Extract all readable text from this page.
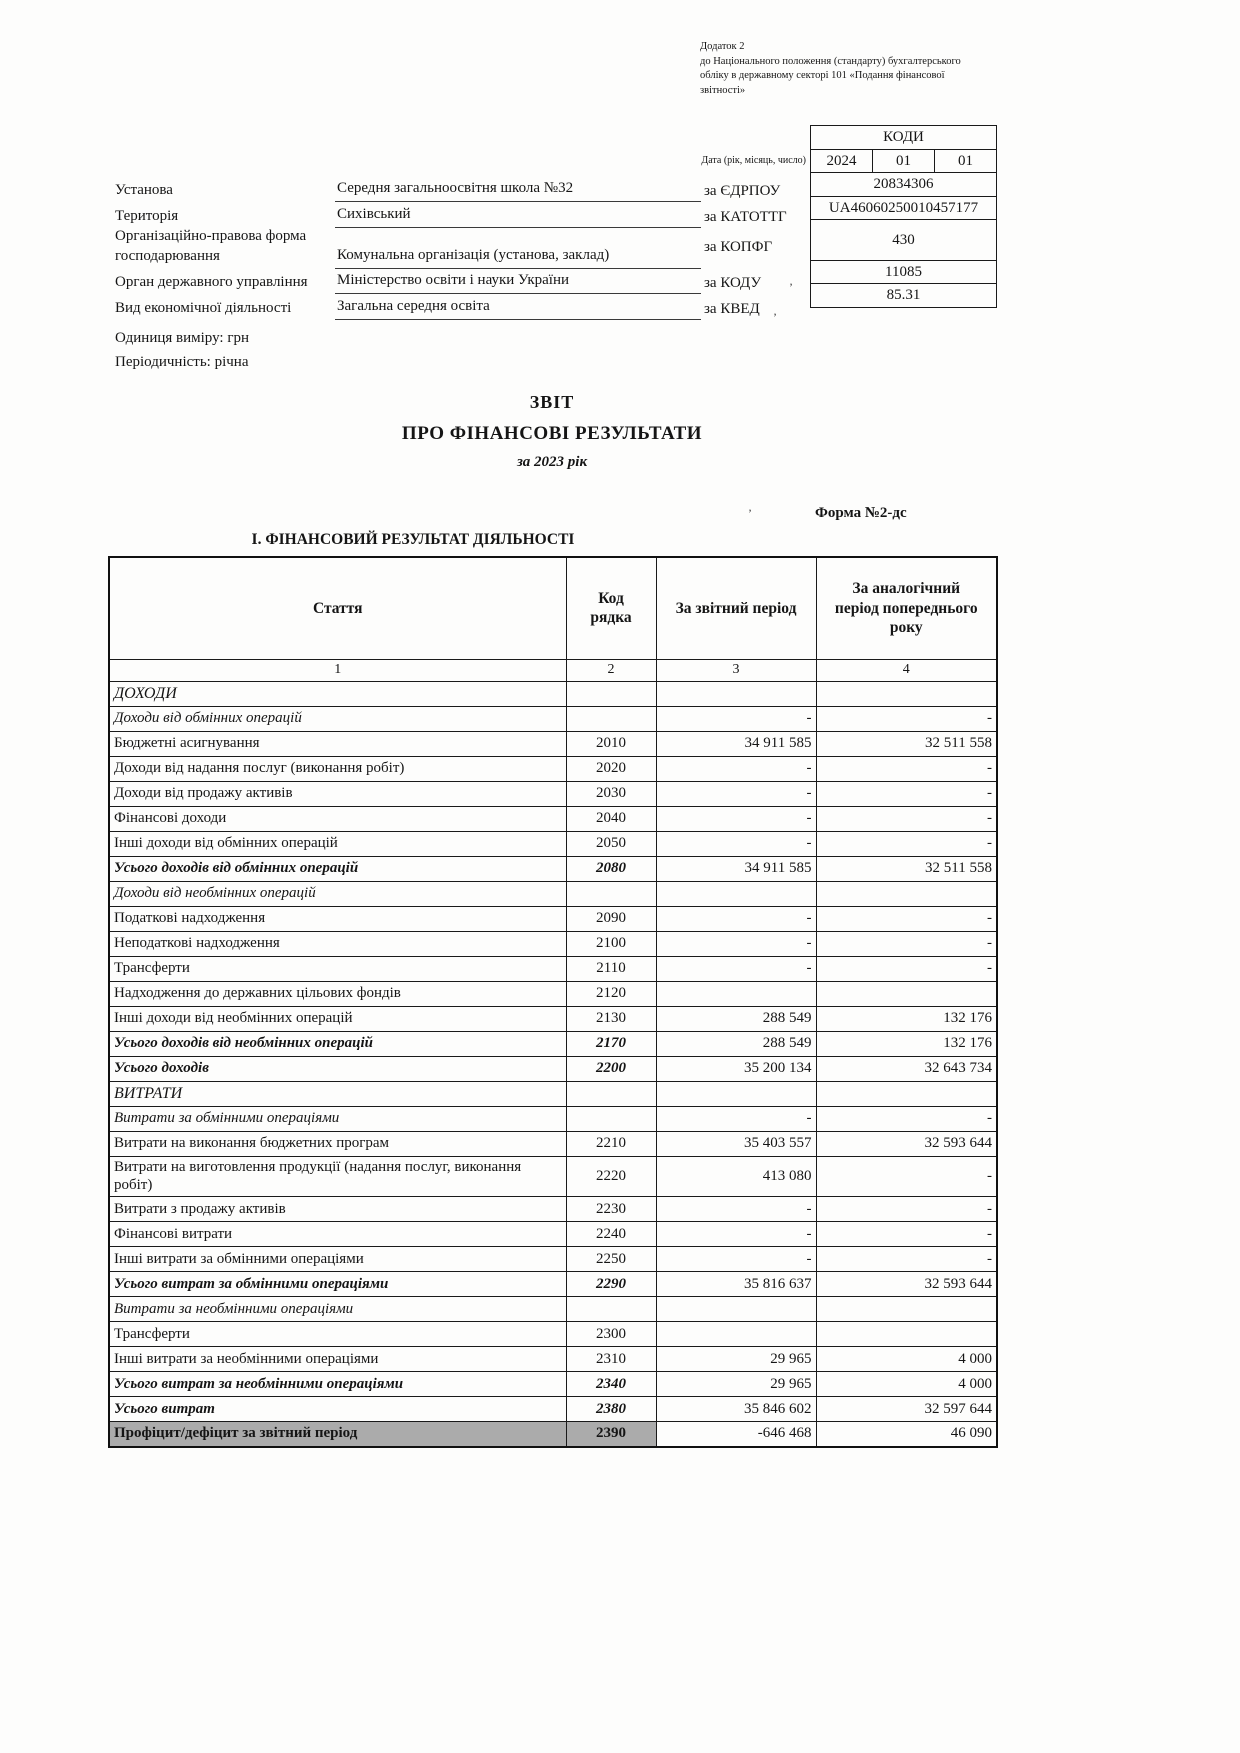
Додаток 2
до Національного положення (стандарту) бухгалтерського
обліку в державному секторі 101 «Подання фінансової
звітності»
Дата (рік, місяць, число)
КОДИ
2024	01	01
20834306
UA46060250010457177
430
11085
85.31
Установа	Середня загальноосвітня школа №32	за ЄДРПОУ
Територія	Сихівський	за КАТОТТГ
Організаційно-правова форма господарювання	Комунальна організація (установа, заклад)	за КОПФГ
Орган державного управління	Міністерство освіти і науки України	за КОДУ
Вид економічної діяльності	Загальна середня освіта	за КВЕД
Одиниця виміру: грн
Періодичність: річна
ЗВІТ
ПРО ФІНАНСОВІ РЕЗУЛЬТАТИ
за 2023 рік
Форма №2-дс
І. ФІНАНСОВИЙ РЕЗУЛЬТАТ ДІЯЛЬНОСТІ
’
’
’
Стаття	Код рядка	За звітний період	За аналогічний період попереднього року
1	2	3	4
ДОХОДИ			
Доходи від обмінних операцій		-	-
Бюджетні асигнування	2010	34 911 585	32 511 558
Доходи від надання послуг (виконання робіт)	2020	-	-
Доходи від продажу активів	2030	-	-
Фінансові доходи	2040	-	-
Інші доходи від обмінних операцій	2050	-	-
Усього доходів від обмінних операцій	2080	34 911 585	32 511 558
Доходи від необмінних операцій			
Податкові надходження	2090	-	-
Неподаткові надходження	2100	-	-
Трансферти	2110	-	-
Надходження до державних цільових фондів	2120		
Інші доходи від необмінних операцій	2130	288 549	132 176
Усього доходів від необмінних операцій	2170	288 549	132 176
Усього доходів	2200	35 200 134	32 643 734
ВИТРАТИ			
Витрати за обмінними операціями		-	-
Витрати на виконання бюджетних програм	2210	35 403 557	32 593 644
Витрати на виготовлення продукції (надання послуг, виконання робіт)	2220	413 080	-
Витрати з продажу активів	2230	-	-
Фінансові витрати	2240	-	-
Інші витрати за обмінними операціями	2250	-	-
Усього витрат за обмінними операціями	2290	35 816 637	32 593 644
Витрати за необмінними операціями			
Трансферти	2300		
Інші витрати за необмінними операціями	2310	29 965	4 000
Усього витрат за необмінними операціями	2340	29 965	4 000
Усього витрат	2380	35 846 602	32 597 644
Профіцит/дефіцит за звітний період	2390	-646 468	46 090
